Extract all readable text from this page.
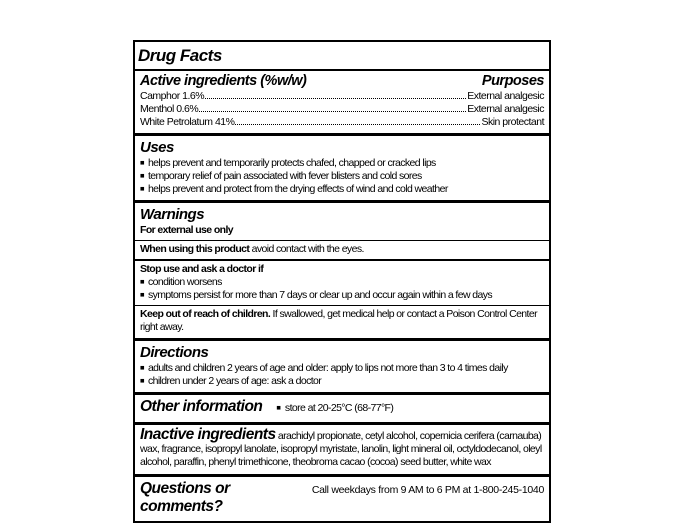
Drug Facts
Active ingredients (%w/w)	Purposes
Camphor 1.6%	External analgesic
Menthol 0.6%	External analgesic
White Petrolatum 41%	Skin protectant
Uses
■ helps prevent and temporarily protects chafed, chapped or cracked lips
■ temporary relief of pain associated with fever blisters and cold sores
■ helps prevent and protect from the drying effects of wind and cold weather
Warnings
For external use only

When using this product avoid contact with the eyes.

Stop use and ask a doctor if
■ condition worsens
■ symptoms persist for more than 7 days or clear up and occur again within a few days

Keep out of reach of children. If swallowed, get medical help or contact a Poison Control Center right away.

Directions
■ adults and children 2 years of age and older: apply to lips not more than 3 to 4 times daily
■ children under 2 years of age: ask a doctor
Other information ■ store at 20-25°C (68-77°F)

Inactive ingredients arachidyl propionate, cetyl alcohol, copernicia cerifera (carnauba) wax, fragrance, isopropyl lanolate, isopropyl myristate, lanolin, light mineral oil, octyldodecanol, oleyl alcohol, paraffin, phenyl trimethicone, theobroma cacao (cocoa) seed butter, white wax

Questions or comments?
Call weekdays from 9 AM to 6 PM at 1-800-245-1040
